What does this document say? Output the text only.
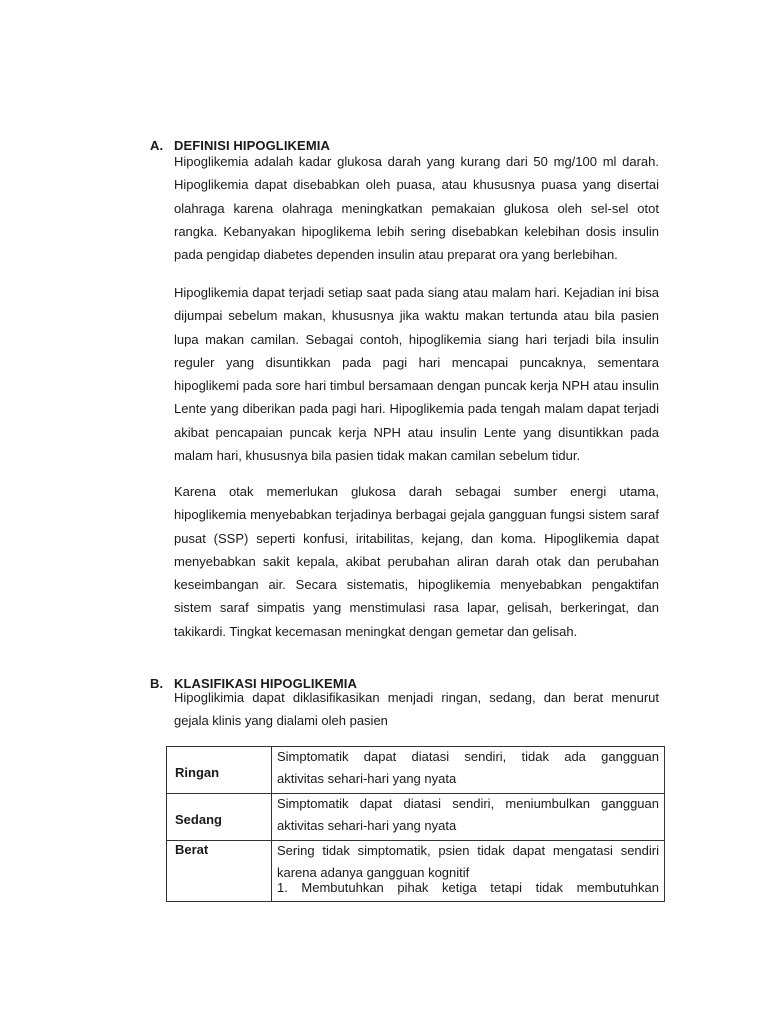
A. DEFINISI HIPOGLIKEMIA

Hipoglikemia adalah kadar glukosa darah yang kurang dari 50 mg/100 ml darah. Hipoglikemia dapat disebabkan oleh puasa, atau khususnya puasa yang disertai olahraga karena olahraga meningkatkan pemakaian glukosa oleh sel-sel otot rangka. Kebanyakan hipoglikema lebih sering disebabkan kelebihan dosis insulin pada pengidap diabetes dependen insulin atau preparat ora yang berlebihan.

Hipoglikemia dapat terjadi setiap saat pada siang atau malam hari. Kejadian ini bisa dijumpai sebelum makan, khususnya jika waktu makan tertunda atau bila pasien lupa makan camilan. Sebagai contoh, hipoglikemia siang hari terjadi bila insulin reguler yang disuntikkan pada pagi hari mencapai puncaknya, sementara hipoglikemi pada sore hari timbul bersamaan dengan puncak kerja NPH atau insulin Lente yang diberikan pada pagi hari. Hipoglikemia pada tengah malam dapat terjadi akibat pencapaian puncak kerja NPH atau insulin Lente yang disuntikkan pada malam hari, khususnya bila pasien tidak makan camilan sebelum tidur.

Karena otak memerlukan glukosa darah sebagai sumber energi utama, hipoglikemia menyebabkan terjadinya berbagai gejala gangguan fungsi sistem saraf pusat (SSP) seperti konfusi, iritabilitas, kejang, dan koma. Hipoglikemia dapat menyebabkan sakit kepala, akibat perubahan aliran darah otak dan perubahan keseimbangan air. Secara sistematis, hipoglikemia menyebabkan pengaktifan sistem saraf simpatis yang menstimulasi rasa lapar, gelisah, berkeringat, dan takikardi. Tingkat kecemasan meningkat dengan gemetar dan gelisah.

B. KLASIFIKASI HIPOGLIKEMIA

Hipoglikimia dapat diklasifikasikan menjadi ringan, sedang, dan berat menurut gejala klinis yang dialami oleh pasien

Ringan	Simptomatik dapat diatasi sendiri, tidak ada gangguan
aktivitas sehari-hari yang nyata

Sedang	Simptomatik dapat diatasi sendiri, meniumbulkan gangguan
aktivitas sehari-hari yang nyata

Berat	Sering tidak simptomatik, psien tidak dapat mengatasi sendiri
karena adanya gangguan kognitif
1. Membutuhkan pihak ketiga tetapi tidak membutuhkan
